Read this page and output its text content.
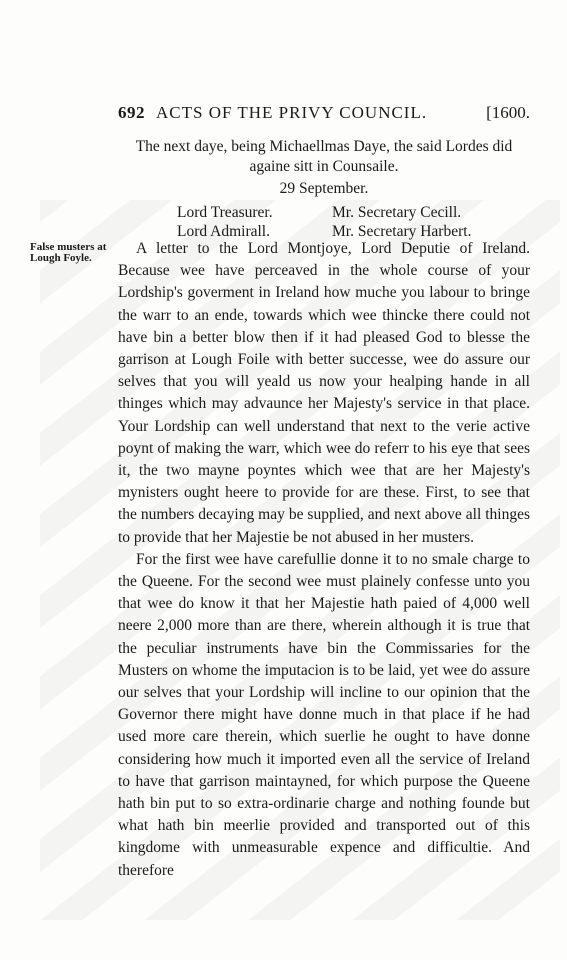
692 ACTS OF THE PRIVY COUNCIL.	[1600.
The next daye, being Michaellmas Daye, the said Lordes did againe sitt in Counsaile.
29 September.
Lord Treasurer.	Mr. Secretary Cecill.
Lord Admirall.	Mr. Secretary Harbert.
False musters at Lough Foyle.

A letter to the Lord Montjoye, Lord Deputie of Ireland. Because wee have perceaved in the whole course of your Lordship's goverment in Ireland how muche you labour to bringe the warr to an ende, towards which wee thincke there could not have bin a better blow then if it had pleased God to blesse the garrison at Lough Foile with better successe, wee do assure our selves that you will yeald us now your healping hande in all thinges which may advaunce her Majesty's service in that place. Your Lordship can well understand that next to the verie active poynt of making the warr, which wee do referr to his eye that sees it, the two mayne poyntes which wee that are her Majesty's mynisters ought heere to provide for are these. First, to see that the numbers decaying may be supplied, and next above all thinges to provide that her Majestie be not abused in her musters.

For the first wee have carefullie donne it to no smale charge to the Queene. For the second wee must plainely confesse unto you that wee do know it that her Majestie hath paied of 4,000 well neere 2,000 more than are there, wherein although it is true that the peculiar instruments have bin the Commissaries for the Musters on whome the imputacion is to be laid, yet wee do assure our selves that your Lordship will incline to our opinion that the Governor there might have donne much in that place if he had used more care therein, which suerlie he ought to have donne considering how much it imported even all the service of Ireland to have that garrison maintayned, for which purpose the Queene hath bin put to so extra-ordinarie charge and nothing founde but what hath bin meerlie provided and transported out of this kingdome with unmeasurable expence and difficultie. And therefore
